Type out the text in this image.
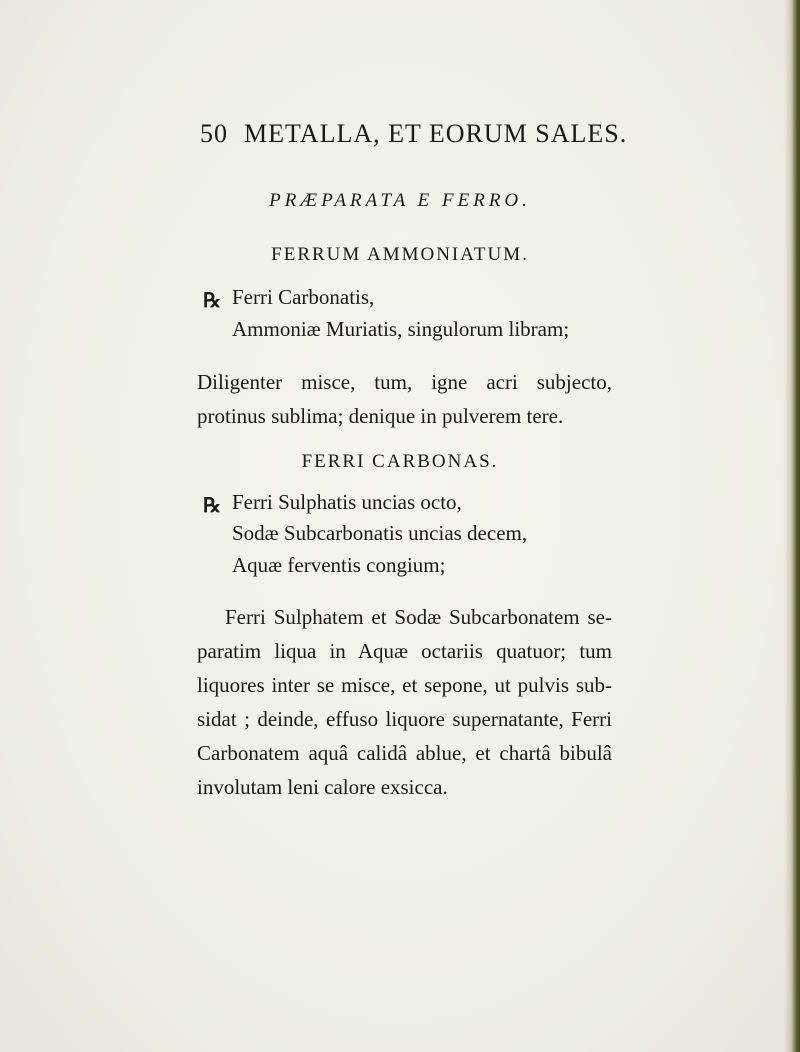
50 METALLA, ET EORUM SALES.
PRÆPARATA E FERRO.
FERRUM AMMONIATUM.
℞ Ferri Carbonatis,
Ammoniæ Muriatis, singulorum libram;
Diligenter misce, tum, igne acri subjecto,
protinus sublima; denique in pulverem tere.
FERRI CARBONAS.
℞ Ferri Sulphatis uncias octo,
Sodæ Subcarbonatis uncias decem,
Aquæ ferventis congium;
Ferri Sulphatem et Sodæ Subcarbonatem se-
paratim liqua in Aquæ octariis quatuor; tum
liquores inter se misce, et sepone, ut pulvis sub-
sidat ; deinde, effuso liquore supernatante, Ferri
Carbonatem aquâ calidâ ablue, et chartâ bibulâ
involutam leni calore exsicca.
